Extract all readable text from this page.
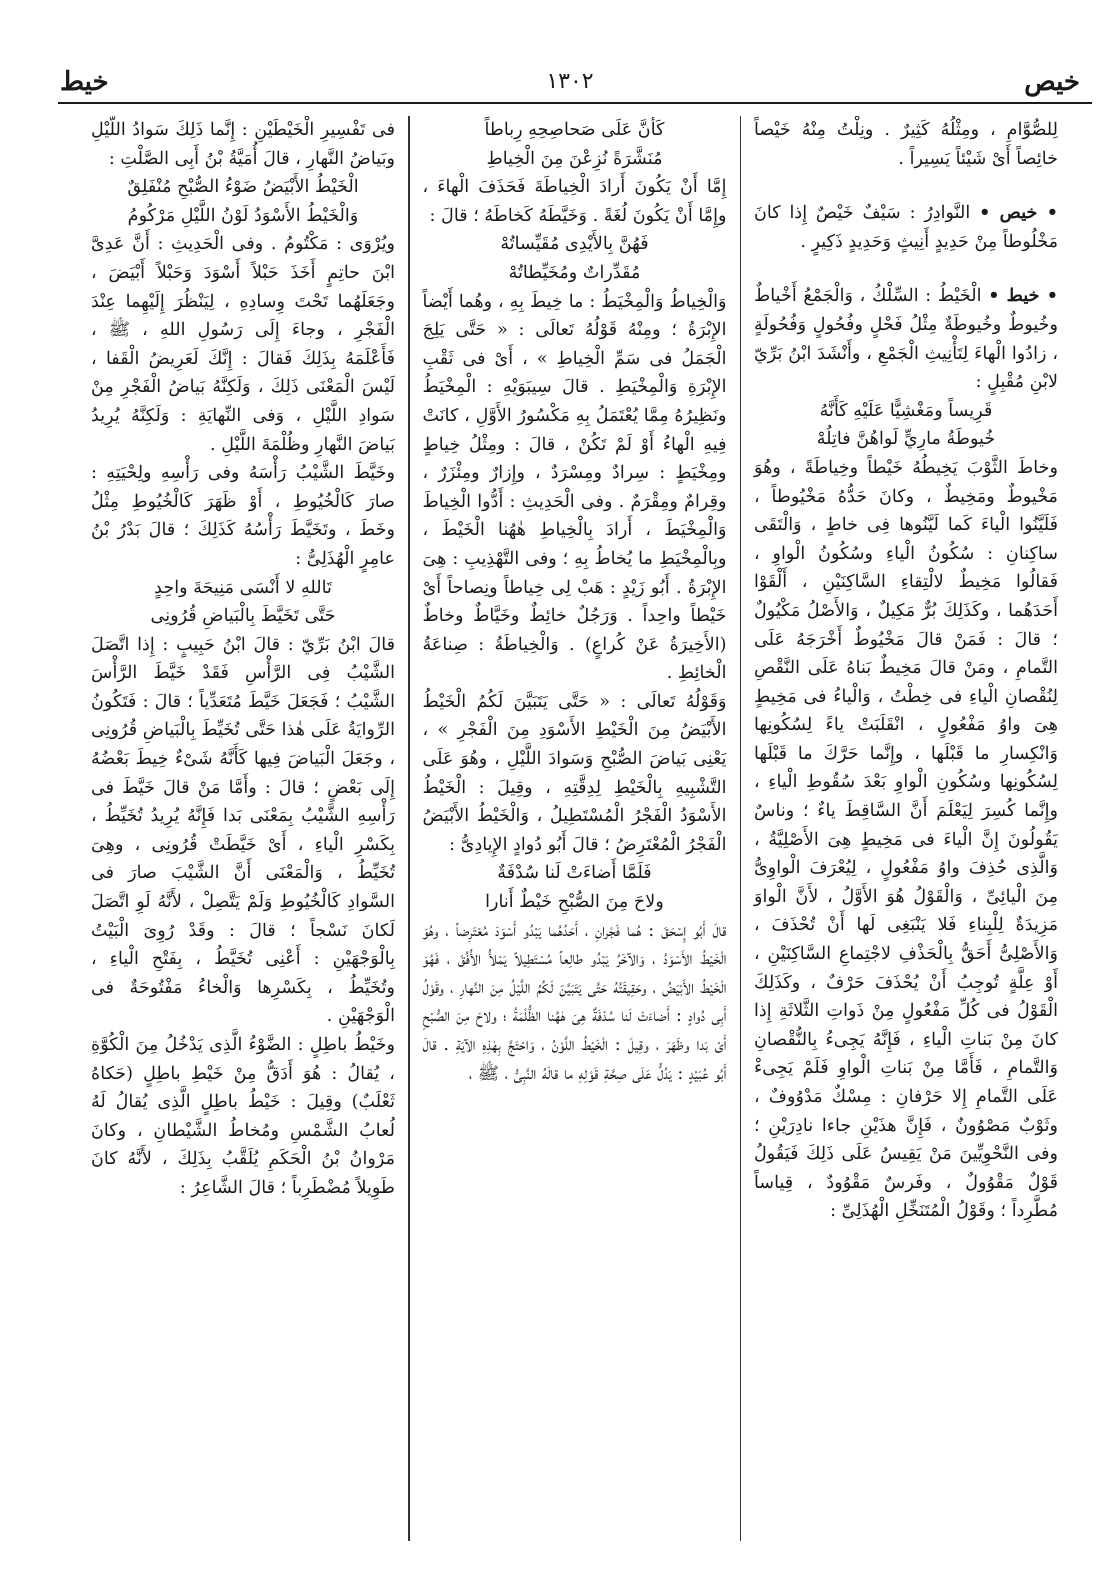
خيط	١٣٠٢	خيص

لِلصُّوَّامِ ، ومِثْلُهُ كَثِيرٌ . ونِلْتُ مِنْهُ خَيْصاً خائِصاً أَىْ شَيْئاً يَسِيراً .

• خيص • النَّوادِرُ : سَيْفٌ خَيْصٌ إِذا كانَ مَخْلُوطاً مِنْ حَدِيدٍ أَنِيثٍ وَحَدِيدٍ ذَكِيرٍ .

• خيط • الْخَيْطُ : السِّلْكُ ، وَالْجَمْعُ أَخْياطٌ وخُيوطٌ وخُيوطَةٌ مِثْلُ فَحْلٍ وفُحُولٍ وَفُحُولَةٍ ، زادُوا الْهاءَ لِتَأْنِيثِ الْجَمْعِ ، وأَنْشَدَ ابْنُ بَرِّيّ لابْنِ مُقْبِلٍ :

قَرِيساً ومَغْشِيًّا عَلَيْهِ كَأَنَّهُ

خُيوطَةُ مارِيٍّ لَواهُنَّ فاتِلُهْ

وخاطَ الثَّوْبَ يَخِيطُهُ خَيْطاً وخِياطَةً ، وهُوَ مَخْيوطٌ ومَخِيطٌ ، وكانَ حَدُّهُ مَخْيُوطاً ، فَلَيَّنُوا الْياءَ كَما لَيَّنُوها فِى خاطٍ ، وَالْتَقَى ساكِنانِ : سُكُونُ الْياءِ وسُكُونُ الْواوِ ، فَقالُوا مَخِيطٌ لالْتِقاءِ السَّاكِنَيْنِ ، أَلْقَوْا أَحَدَهُما ، وكَذَلِكَ بُرٌّ مَكِيلٌ ، وَالأَصْلُ مَكْيُولٌ ؛ قالَ : فَمَنْ قالَ مَخْيُوطٌ أَخْرَجَهُ عَلَى التَّمامِ ، ومَنْ قالَ مَخِيطٌ بَناهُ عَلَى النَّقْصِ لِنُقْصانِ الْياءِ فى خِطْتُ ، وَالْياءُ فى مَخِيطٍ هِىَ واوُ مَفْعُولٍ ، انْقَلَبَتْ ياءً لِسُكُونِها وَانْكِسارِ ما قَبْلَها ، وإِنَّما حَرَّكَ ما قَبْلَها لِسُكُونِها وسُكُونِ الْواوِ بَعْدَ سُقُوطِ الْياءِ ، وإِنَّما كُسِرَ لِيَعْلَمَ أَنَّ السَّاقِطَ ياءٌ ؛ وناسٌ يَقُولُونَ إِنَّ الْياءَ فى مَخِيطٍ هِىَ الأَصْلِيَّةُ ، وَالَّذِى حُذِفَ واوُ مَفْعُولٍ ، لِيُعْرَفَ الْواوِىُّ مِنَ الْيائِىِّ ، وَالْقَوْلُ هُوَ الأَوَّلُ ، لأَنَّ الْواوَ مَزِيدَةٌ لِلْبِناءِ فَلا يَنْبَغِى لَها أَنْ تُحْذَفَ ، وَالأَصْلِىُّ أَحَقُّ بِالْحَذْفِ لاجْتِماعِ السَّاكِنَيْنِ ، أَوْ عِلَّةٍ تُوجِبُ أَنْ يُحْذَفَ حَرْفٌ ، وكَذَلِكَ الْقَوْلُ فى كُلِّ مَفْعُولٍ مِنْ ذَواتِ الثَّلاثَةِ إِذا كانَ مِنْ بَناتِ الْياءِ ، فَإِنَّهُ يَجِىءُ بِالنُّقْصانِ وَالتَّمامِ ، فَأَمَّا مِنْ بَناتِ الْواوِ فَلَمْ يَجِىءْ عَلَى التَّمامِ إِلا حَرْفانِ : مِسْكٌ مَدْوُوفٌ ، وثَوْبٌ مَصْوُونٌ ، فَإِنَّ هذَيْنِ جاءا نادِرَيْنِ ؛ وفى النَّحْوِيِّينَ مَنْ يَقِيسُ عَلَى ذَلِكَ فَيَقُولُ قَوْلٌ مَقْوُولٌ ، وفَرسٌ مَقْوُودٌ ، قِياساً مُطَّرِداً ؛ وقَوْلُ الْمُتَنَخِّلِ الْهُذَلِىِّ :

كَأَنَّ عَلَى صَحاصِحِهِ رِباطاً

مُنَشَّرَةً نُزِعْنَ مِنَ الْخِياطِ

إِمَّا أَنْ يَكُونَ أَرادَ الْخِياطَةَ فَحَذَفَ الْهاءَ ، وإِمَّا أَنْ يَكُونَ لُغَةً . وَخَيَّطَهُ كَخاطَهُ ؛ قالَ :

فَهُنَّ بِالأَيْدِى مُقَيِّساتُهْ

مُقَدِّراتٌ ومُخَيِّطاتُهْ

وَالْخِياطُ وَالْمِخْيَطُ : ما خِيطَ بِهِ ، وهُما أَيْضاً الإِبْرَةُ ؛ ومِنْهُ قَوْلُهُ تَعالَى : « حَتَّى يَلِجَ الْجَمَلُ فى سَمِّ الْخِياطِ » ، أَىْ فى ثَقْبِ الإِبْرَةِ وَالْمِخْيَطِ . قالَ سِيبَوَيْهِ : الْمِخْيَطُ ونَظِيرُهُ مِمَّا يُعْتَمَلُ بِهِ مَكْسُورُ الأَوَّلِ ، كانَتْ فِيهِ الْهاءُ أَوْ لَمْ تَكُنْ ، قالَ : ومِثْلُ خِياطٍ ومِخْيَطٍ : سِرادٌ ومِسْرَدٌ ، وإِزارٌ ومِئْزَرٌ ، وقِرامٌ ومِقْرَمٌ . وفى الْحَدِيثِ : أَدُّوا الْخِياطَ وَالْمِخْيَطَ ، أَرادَ بِالْخِياطِ هٰهُنا الْخَيْطَ ، وبِالْمِخْيَطِ ما يُخاطُ بِهِ ؛ وفى التَّهْذِيبِ : هِىَ الإِبْرَةُ . أَبُو زَيْدٍ : هَبْ لِى خِياطاً ونِصاحاً أَىْ خَيْطاً واحِداً . وَرَجُلٌ خائِطٌ وخَيَّاطٌ وخاطٌ (الأَخِيرَةُ عَنْ كُراعٍ) . وَالْخِياطَةُ : صِناعَةُ الْخائِطِ .

وَقَوْلُهُ تَعالَى : « حَتَّى يَتَبَيَّنَ لَكُمُ الْخَيْطُ الأَبْيَضُ مِنَ الْخَيْطِ الأَسْوَدِ مِنَ الْفَجْرِ » ، يَعْنِى بَياضَ الصُّبْحِ وَسَوادَ اللَّيْلِ ، وهُوَ عَلَى التَّشْبِيهِ بِالْخَيْطِ لِدِقَّتِهِ ، وقِيلَ : الْخَيْطُ الأَسْوَدُ الْفَجْرُ الْمُسْتَطِيلُ ، وَالْخَيْطُ الأَبْيَضُ الْفَجْرُ الْمُعْتَرِضُ ؛ قالَ أَبُو دُوادٍ الإِيادِىُّ :

فَلَمَّا أَضاءَتْ لَنا سُدْفَةٌ

ولاحَ مِنَ الصُّبْحِ خَيْطٌ أَنارا

قالَ أَبُو إِسْحَقَ : هُما فَجْرانِ ، أَحَدُهُما يَبْدُو أَسْوَدَ مُعْتَرِضاً ، وهُوَ الْخَيْطُ الأَسْوَدُ ، وَالآخَرُ يَبْدُو طالِعاً مُسْتَطِيلاً يَمْلأُ الأُفُقَ ، فَهُوَ الْخَيْطُ الأَبْيَضُ ، وحَقِيقَتُهُ حَتَّى يَتَبَيَّنَ لَكُمُ اللَّيْلُ مِنَ النَّهارِ ، وقَوْلُ أَبِى دُوادٍ : أَضاءَتْ لَنا سُدْفَةٌ هِىَ هٰهُنا الظُّلْمَةُ ؛ ولاحَ مِنَ الصُّبْحِ أَىْ بَدا وظَهَرَ ، وقِيلَ : الْخَيْطُ اللَّوْنُ ، وَاحْتَجَّ بِهٰذِهِ الآيَةِ . قالَ أَبُو عُبَيْدٍ : يَدُلُّ عَلَى صِحَّةِ قَوْلِهِ ما قالَهُ النَّبِىُّ ، ﷺ ،

فى تَفْسِيرِ الْخَيْطَيْنِ : إِنَّما ذَلِكَ سَوادُ اللَّيْلِ وبَياضُ النَّهارِ ، قالَ أُمَيَّةُ بْنُ أَبِى الصَّلْتِ :

الْخَيْطُ الأَبْيَضُ ضَوْءُ الصُّبْحِ مُنْفَلِقٌ

وَالْخَيْطُ الأَسْوَدُ لَوْنُ اللَّيْلِ مَرْكُومُ

ويُرْوَى : مَكْتُومُ . وفى الْحَدِيثِ : أَنَّ عَدِىَّ ابْنَ حاتِمٍ أَخَذَ حَبْلاً أَسْوَدَ وَحَبْلاً أَبْيَضَ ، وجَعَلَهُما تَحْتَ وِسادِهِ ، لِيَنْظُرَ إِلَيْهِما عِنْدَ الْفَجْرِ ، وجاءَ إِلَى رَسُولِ اللهِ ، ﷺ ، فَأَعْلَمَهُ بِذَلِكَ فَقالَ : إِنَّكَ لَعَرِيضُ الْقَفا ، لَيْسَ الْمَعْنَى ذَلِكَ ، وَلَكِنَّهُ بَياضُ الْفَجْرِ مِنْ سَوادِ اللَّيْلِ ، وَفى النِّهايَةِ : وَلَكِنَّهُ يُرِيدُ بَياضَ النَّهارِ وظُلْمَةَ اللَّيْلِ .

وخَيَّطَ الشَّيْبُ رَأْسَهُ وفى رَأْسِهِ ولِحْيَتِهِ : صارَ كَالْخُيُوطِ ، أَوْ ظَهَرَ كَالْخُيُوطِ مِثْلُ وخَطَ ، وتَخَيَّطَ رَأْسُهُ كَذَلِكَ ؛ قالَ بَدْرُ بْنُ عامِرٍ الْهُذَلِىُّ :

تَاللهِ لا أَنْسَى مَنِيحَةَ واحِدٍ

حَتَّى تَخَيَّطَ بِالْبَياضِ قُرُونِى

قالَ ابْنُ بَرِّيّ : قالَ ابْنُ حَبِيبٍ : إِذا اتَّصَلَ الشَّيْبُ فِى الرَّأْسِ فَقَدْ خَيَّطَ الرَّأْسَ الشَّيْبُ ؛ فَجَعَلَ خَيَّطَ مُتَعَدِّياً ؛ قالَ : فَتَكُونُ الرِّوايَةُ عَلَى هٰذا حَتَّى تُخَيِّطَ بِالْبَياضِ قُرُونِى ، وجَعَلَ الْبَياضَ فِيها كَأَنَّهُ شَىْءٌ خِيطَ بَعْضُهُ إِلَى بَعْضٍ ؛ قالَ : وأَمَّا مَنْ قالَ خَيَّطَ فى رَأْسِهِ الشَّيْبُ بِمَعْنَى بَدا فَإِنَّهُ يُرِيدُ تُخَيِّطُ ، بِكَسْرِ الْياءِ ، أَىْ خَيَّطَتْ قُرُونِى ، وهِىَ تُخَيِّطُ ، وَالْمَعْنَى أَنَّ الشَّيْبَ صارَ فى السَّوادِ كَالْخُيُوطِ وَلَمْ يَتَّصِلْ ، لأَنَّهُ لَوِ اتَّصَلَ لَكانَ نَسْجاً ؛ قالَ : وقَدْ رُوِىَ الْبَيْتُ بِالْوَجْهَيْنِ : أَعْنِى تُخَيَّطُ ، بِفَتْحِ الْياءِ ، وتُخَيِّطُ ، بِكَسْرِها وَالْخاءُ مَفْتُوحَةٌ فى الْوَجْهَيْنِ .

وخَيْطُ باطِلٍ : الضَّوْءُ الَّذِى يَدْخُلُ مِنَ الْكُوَّةِ ، يُقالُ : هُوَ أَدَقُّ مِنْ خَيْطِ باطِلٍ (حَكاهُ ثَعْلَبٌ) وقِيلَ : خَيْطُ باطِلٍ الَّذِى يُقالُ لَهُ لُعابُ الشَّمْسِ ومُخاطُ الشَّيْطانِ ، وكانَ مَرْوانُ بْنُ الْحَكَمِ يُلَقَّبُ بِذَلِكَ ، لأَنَّهُ كانَ طَوِيلاً مُضْطَرِباً ؛ قالَ الشَّاعِرُ :
